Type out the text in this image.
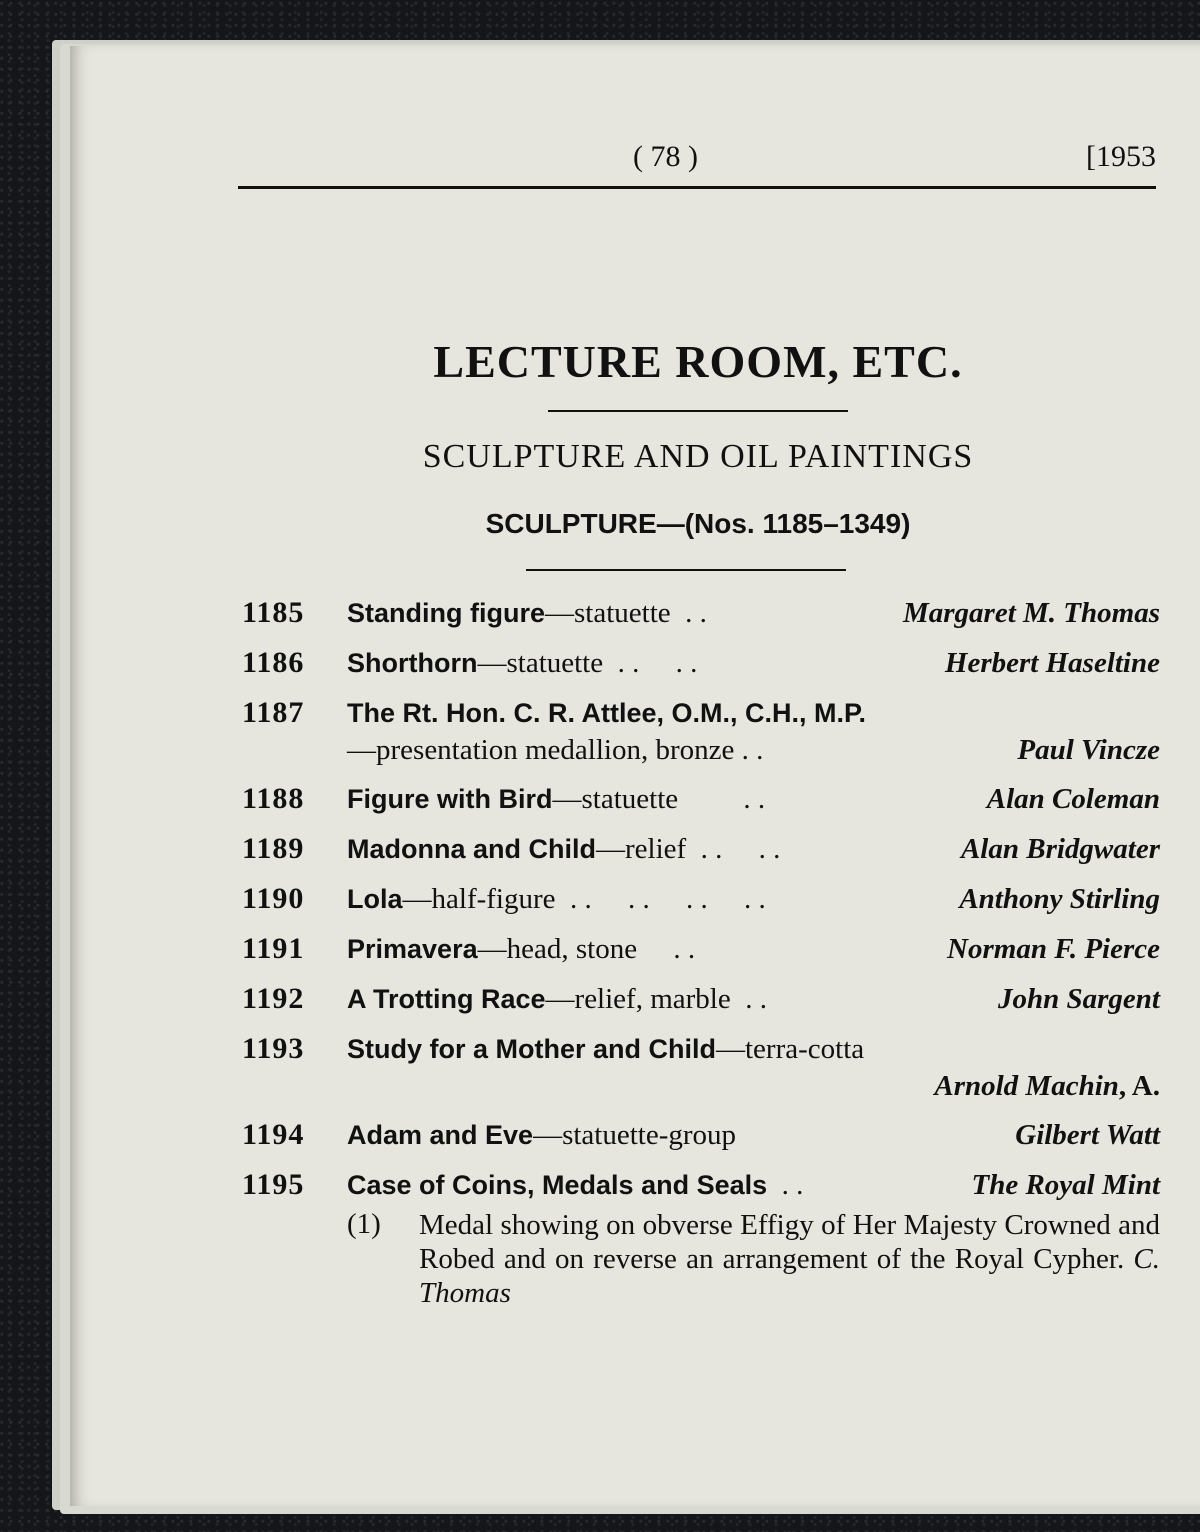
( 78 )	[1953
LECTURE ROOM, ETC.
SCULPTURE AND OIL PAINTINGS
SCULPTURE—(Nos. 1185–1349)
1185	Standing figure —statuette  . .	Margaret M. Thomas
1186	Shorthorn —statuette  . .     . .	Herbert Haseltine
1187	The Rt. Hon. C. R. Attlee, O.M., C.H., M.P.
—presentation medallion, bronze . .	Paul Vincze
1188	Figure with Bird —statuette         . .	Alan Coleman
1189	Madonna and Child —relief  . .     . .	Alan Bridgwater
1190	Lola —half-figure  . .     . .     . .     . .	Anthony Stirling
1191	Primavera —head, stone     . .	Norman F. Pierce
1192	A Trotting Race —relief, marble  . .	John Sargent
1193	Study for a Mother and Child —terra-cotta
Arnold Machin, A.
1194	Adam and Eve —statuette-group	Gilbert Watt
1195	Case of Coins, Medals and Seals . .	The Royal Mint
(1)	Medal showing on obverse Effigy of Her Majesty Crowned and Robed and on reverse an arrangement of the Royal Cypher. C. Thomas
